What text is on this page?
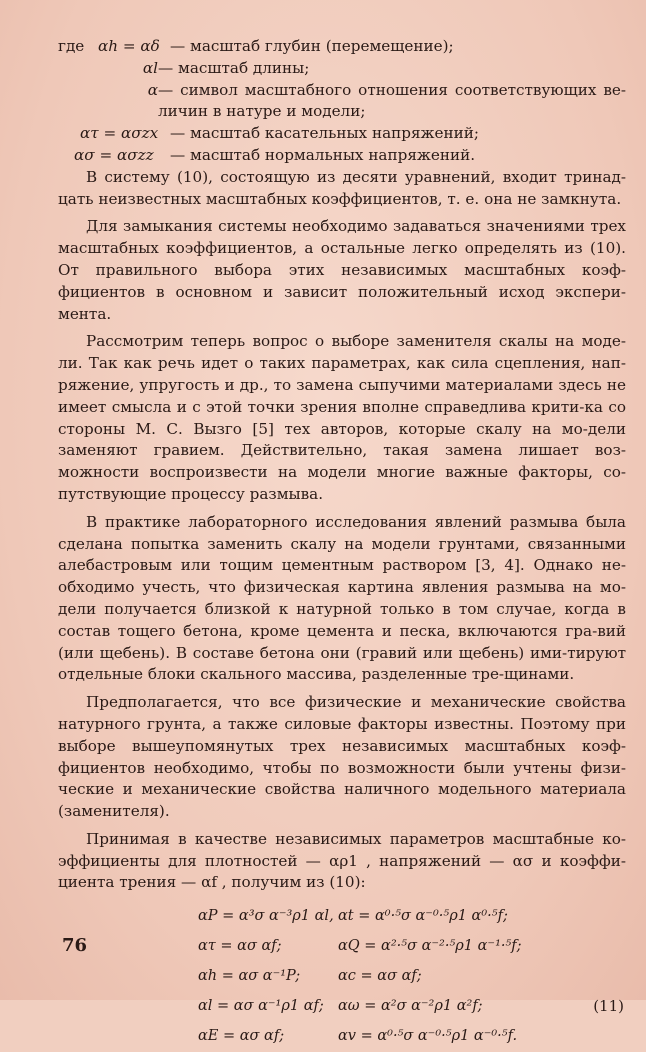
где αh = αδ — масштаб глубин (перемещение);
αl — масштаб длины;
α — символ масштабного отношения соответствующих ве-личин в натуре и модели;
ατ = ασzx — масштаб касательных напряжений;
ασ = ασzz	— масштаб нормальных напряжений.

В систему (10), состоящую из десяти уравнений, входит тринад-цать неизвестных масштабных коэффициентов, т. е. она не замкнута.

Для замыкания системы необходимо задаваться значениями трех масштабных коэффициентов, а остальные легко определять из (10). От правильного выбора этих независимых масштабных коэф-фициентов в основном и зависит положительный исход экспери-мента.

Рассмотрим теперь вопрос о выборе заменителя скалы на моде-ли. Так как речь идет о таких параметрах, как сила сцепления, нап-ряжение, упругость и др., то замена сыпучими материалами здесь не имеет смысла и с этой точки зрения вполне справедлива крити-ка со стороны М. С. Вызго [5] тех авторов, которые скалу на мо-дели заменяют гравием. Действительно, такая замена лишает воз-можности воспроизвести на модели многие важные факторы, со-путствующие процессу размыва.

В практике лабораторного исследования явлений размыва была сделана попытка заменить скалу на модели грунтами, связанными алебастровым или тощим цементным раствором [3, 4]. Однако не-обходимо учесть, что физическая картина явления размыва на мо-дели получается близкой к натурной только в том случае, когда в состав тощего бетона, кроме цемента и песка, включаются гра-вий (или щебень). В составе бетона они (гравий или щебень) ими-тируют отдельные блоки скального массива, разделенные тре-щинами.

Предполагается, что все физические и механические свойства натурного грунта, а также силовые факторы известны. Поэтому при выборе вышеупомянутых трех независимых масштабных коэф-фициентов необходимо, чтобы по возможности были учтены физи-ческие и механические свойства наличного модельного материала (заменителя).

Принимая в качестве независимых параметров масштабные ко-эффициенты для плотностей — αρ1 , напряжений — ασ и коэффи-циента трения — αf , получим из (10):

αP = α³σ α⁻³ρ1 αl, αt = α⁰·⁵σ α⁻⁰·⁵ρ1 α⁰·⁵f;
ατ = ασ αf;	αQ = α²·⁵σ α⁻²·⁵ρ1 α⁻¹·⁵f;
αh = ασ α⁻¹P;	αc = ασ αf;
αl = ασ α⁻¹ρ1 αf; αω = α²σ α⁻²ρ1 α²f;
αE = ασ αf;	αv = α⁰·⁵σ α⁻⁰·⁵ρ1 α⁻⁰·⁵f.
(11)
76
